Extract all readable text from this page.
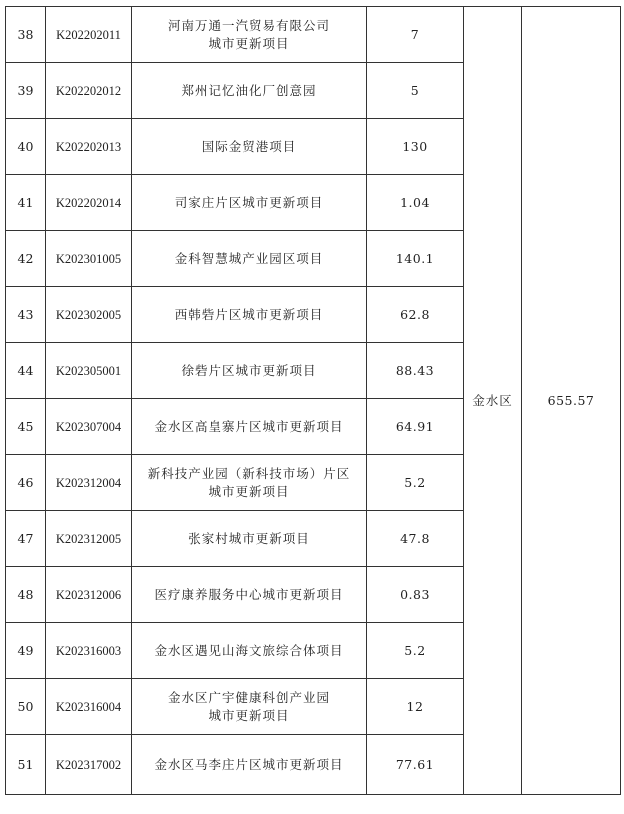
38	K202202011	河南万通一汽贸易有限公司
城市更新项目	7	金水区	655.57
39	K202202012	郑州记忆油化厂创意园	5		
40	K202202013	国际金贸港项目	130		
41	K202202014	司家庄片区城市更新项目	1.04		
42	K202301005	金科智慧城产业园区项目	140.1		
43	K202302005	西韩砦片区城市更新项目	62.8		
44	K202305001	徐砦片区城市更新项目	88.43		
45	K202307004	金水区高皇寨片区城市更新项目	64.91		
46	K202312004	新科技产业园（新科技市场）片区
城市更新项目	5.2		
47	K202312005	张家村城市更新项目	47.8		
48	K202312006	医疗康养服务中心城市更新项目	0.83		
49	K202316003	金水区遇见山海文旅综合体项目	5.2		
50	K202316004	金水区广宇健康科创产业园
城市更新项目	12		
51	K202317002	金水区马李庄片区城市更新项目	77.61		
